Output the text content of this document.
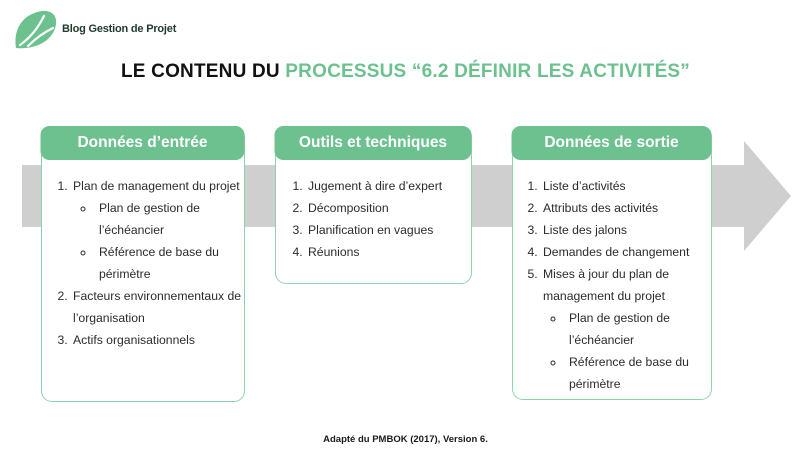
Blog Gestion de Projet
LE CONTENU DU PROCESSUS “6.2 DÉFINIR LES ACTIVITÉS”
Données d’entrée
1. Plan de management du projet
◦ Plan de gestion de l’échéancier
◦ Référence de base du périmètre
2. Facteurs environnementaux de l’organisation
3. Actifs organisationnels
Outils et techniques
1. Jugement à dire d’expert
2. Décomposition
3. Planification en vagues
4. Réunions
Données de sortie
1. Liste d’activités
2. Attributs des activités
3. Liste des jalons
4. Demandes de changement
5. Mises à jour du plan de management du projet
◦ Plan de gestion de l’échéancier
◦ Référence de base du périmètre
Adapté du PMBOK (2017), Version 6.
